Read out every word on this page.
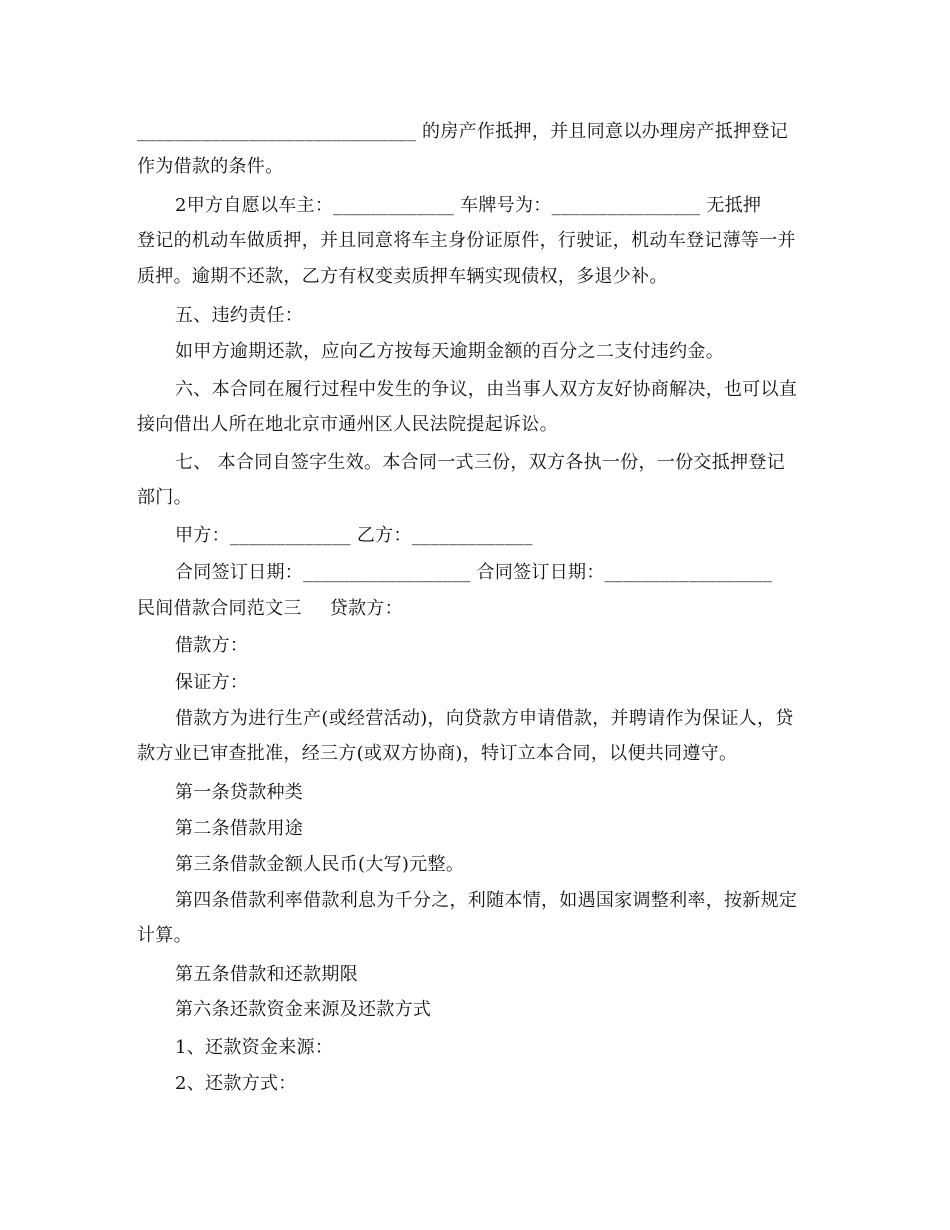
______________________________ 的房产作抵押，并且同意以办理房产抵押登记

作为借款的条件。

2甲方自愿以车主：_____________ 车牌号为：________________ 无抵押

登记的机动车做质押，并且同意将车主身份证原件，行驶证，机动车登记薄等一并

质押。逾期不还款，乙方有权变卖质押车辆实现债权，多退少补。

五、违约责任：

如甲方逾期还款，应向乙方按每天逾期金额的百分之二支付违约金。

六、本合同在履行过程中发生的争议，由当事人双方友好协商解决，也可以直

接向借出人所在地北京市通州区人民法院提起诉讼。

七、 本合同自签字生效。本合同一式三份，双方各执一份，一份交抵押登记

部门。

甲方：_____________ 乙方：_____________

合同签订日期：__________________ 合同签订日期：__________________

民间借款合同范文三 贷款方：

借款方：

保证方：

借款方为进行生产(或经营活动)，向贷款方申请借款，并聘请作为保证人，贷

款方业已审查批准，经三方(或双方协商)，特订立本合同，以便共同遵守。

第一条贷款种类

第二条借款用途

第三条借款金额人民币(大写)元整。

第四条借款利率借款利息为千分之，利随本情，如遇国家调整利率，按新规定

计算。

第五条借款和还款期限

第六条还款资金来源及还款方式

1、还款资金来源：

2、还款方式：
